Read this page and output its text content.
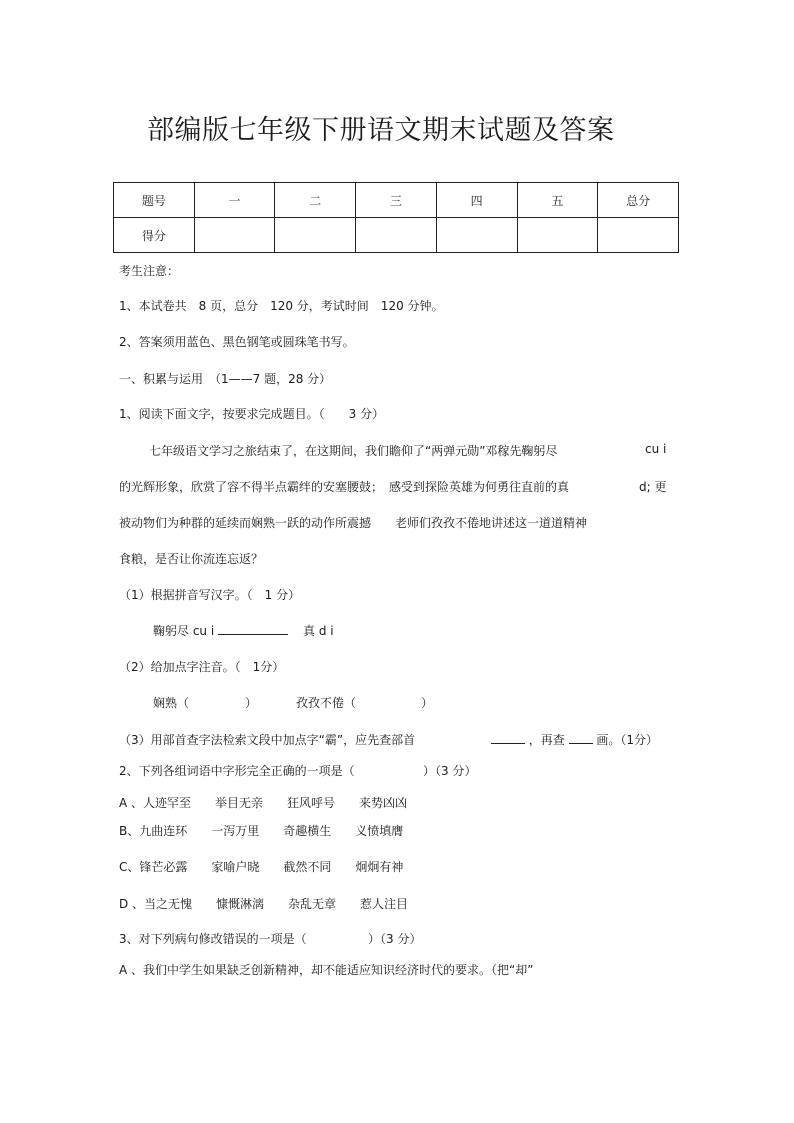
部编版七年级下册语文期末试题及答案
题号	一	二	三	四	五	总分
得分						
考生注意：
1、本试卷共　8 页，总分　120 分，考试时间　120 分钟。
2、答案须用蓝色、黑色钢笔或圆珠笔书写。
一、积累与运用　（1——7 题，28 分）
1、阅读下面文字，按要求完成题目。（　　3 分）
七年级语文学习之旅结束了，在这期间，我们瞻仰了“两弹元勋”邓稼先鞠躬尽	cu i
的光辉形象，欣赏了容不得半点霸绊的安塞腰鼓；　感受到探险英雄为何勇往直前的真	d; 更
被动物们为种群的延续而娴熟一跃的动作所震撼　　老师们孜孜不倦地讲述这一道道精神
食粮，是否让你流连忘返？
（1）根据拼音写汉字。（　1 分）
鞠躬尽 cu i	真 d i
（2）给加点字注音。（　1分）
娴熟（	）	孜孜不倦（	）
（3）用部首查字法检索文段中加点字“霸”，应先查部首	，再查	画。（1分）
2、下列各组词语中字形完全正确的一项是（	）（3 分）
A 、人迹罕至　　举目无亲　　狂风呼号　　来势凶凶
B、九曲连环　　一泻万里　　奇趣横生　　义愤填膺
C、锋芒必露　　家喻户晓　　截然不同　　炯炯有神
D 、当之无愧　　慷慨淋漓　　杂乱无章　　惹人注目
3、对下列病句修改错误的一项是（	）（3 分）
A 、我们中学生如果缺乏创新精神，却不能适应知识经济时代的要求。（把“却”
